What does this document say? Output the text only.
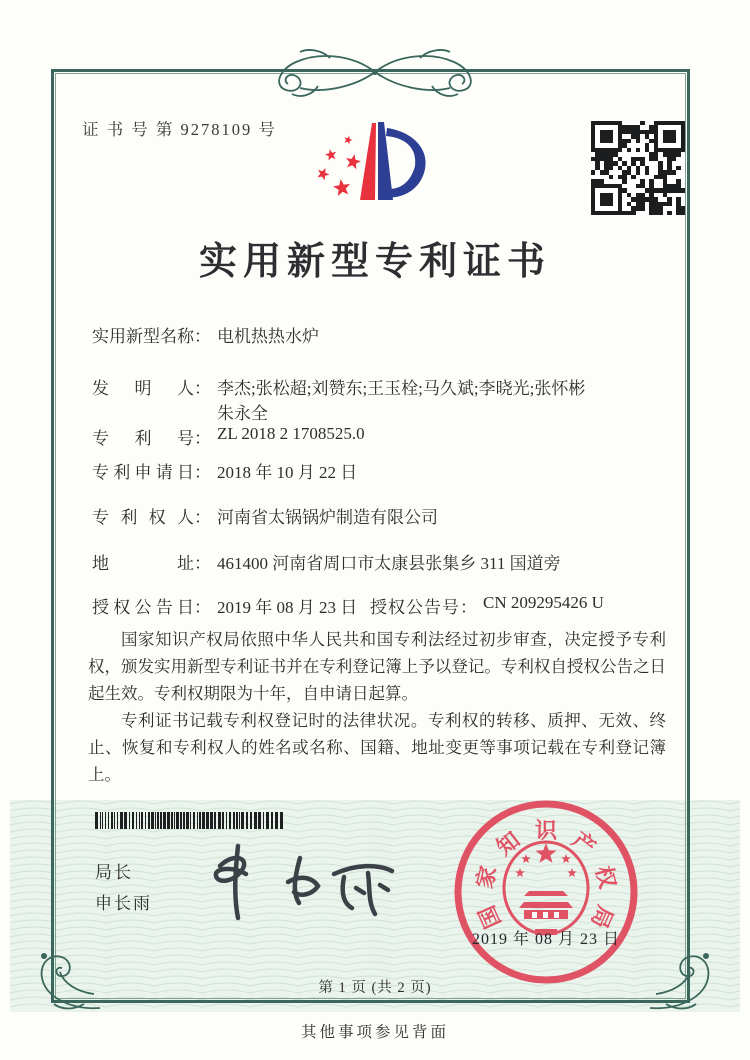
证 书 号 第 9278109 号
实用新型专利证书
实用新型名称： 电机热热水炉
发明人： 李杰;张松超;刘赞东;王玉栓;马久斌;李晓光;张怀彬
朱永全
专利号： ZL 2018 2 1708525.0
专利申请日： 2018 年 10 月 22 日
专利权人： 河南省太锅锅炉制造有限公司
地址： 461400 河南省周口市太康县张集乡 311 国道旁
授权公告日： 2019 年 08 月 23 日 授权公告号： CN 209295426 U

国家知识产权局依照中华人民共和国专利法经过初步审查，决定授予专利权，颁发实用新型专利证书并在专利登记簿上予以登记。专利权自授权公告之日起生效。专利权期限为十年，自申请日起算。

专利证书记载专利权登记时的法律状况。专利权的转移、质押、无效、终止、恢复和专利权人的姓名或名称、国籍、地址变更等事项记载在专利登记簿上。

局长
申长雨	国
家
知 识 产
权
局
2019 年 08 月 23 日
第 1 页 (共 2 页)
其他事项参见背面
